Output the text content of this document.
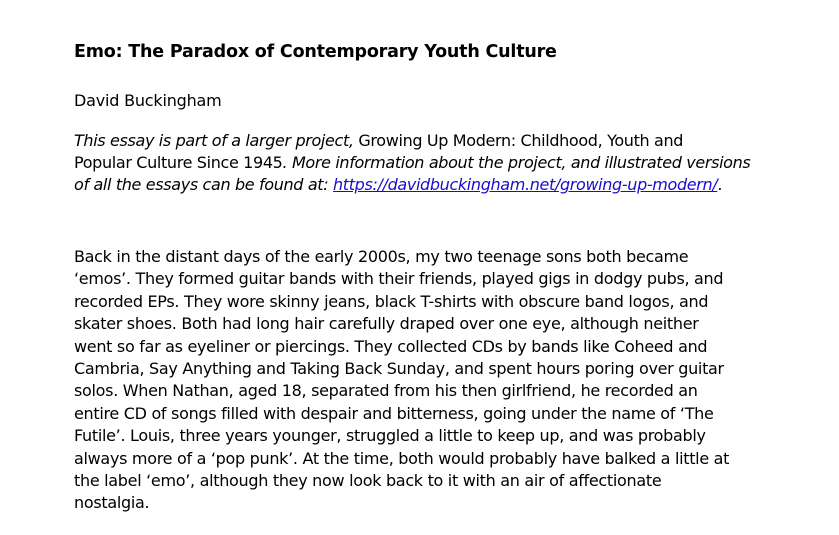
Emo: The Paradox of Contemporary Youth Culture

David Buckingham

This essay is part of a larger project, Growing Up Modern: Childhood, Youth and
Popular Culture Since 1945. More information about the project, and illustrated versions
of all the essays can be found at: https://davidbuckingham.net/growing-up-modern/.

Back in the distant days of the early 2000s, my two teenage sons both became
‘emos’. They formed guitar bands with their friends, played gigs in dodgy pubs, and
recorded EPs. They wore skinny jeans, black T-shirts with obscure band logos, and
skater shoes. Both had long hair carefully draped over one eye, although neither
went so far as eyeliner or piercings. They collected CDs by bands like Coheed and
Cambria, Say Anything and Taking Back Sunday, and spent hours poring over guitar
solos. When Nathan, aged 18, separated from his then girlfriend, he recorded an
entire CD of songs filled with despair and bitterness, going under the name of ‘The
Futile’. Louis, three years younger, struggled a little to keep up, and was probably
always more of a ‘pop punk’. At the time, both would probably have balked a little at
the label ‘emo’, although they now look back to it with an air of affectionate
nostalgia.
